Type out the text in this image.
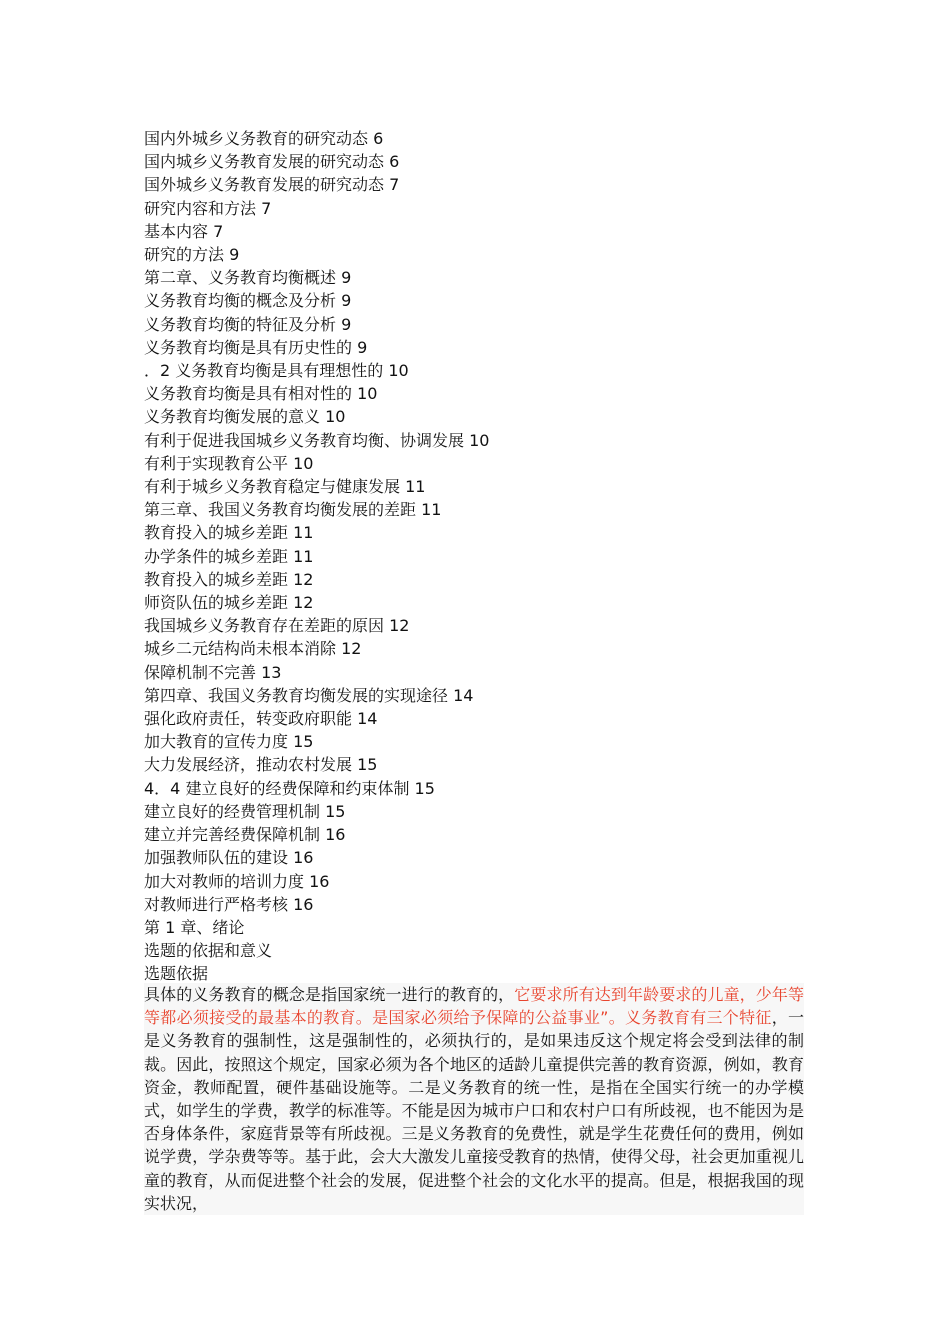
国内外城乡义务教育的研究动态 6
国内城乡义务教育发展的研究动态 6
国外城乡义务教育发展的研究动态 7
研究内容和方法 7
基本内容 7
研究的方法 9
第二章、义务教育均衡概述 9
义务教育均衡的概念及分析 9
义务教育均衡的特征及分析 9
义务教育均衡是具有历史性的 9
．2 义务教育均衡是具有理想性的 10
义务教育均衡是具有相对性的 10
义务教育均衡发展的意义 10
有利于促进我国城乡义务教育均衡、协调发展 10
有利于实现教育公平 10
有利于城乡义务教育稳定与健康发展 11
第三章、我国义务教育均衡发展的差距 11
教育投入的城乡差距 11
办学条件的城乡差距 11
教育投入的城乡差距 12
师资队伍的城乡差距 12
我国城乡义务教育存在差距的原因 12
城乡二元结构尚未根本消除 12
保障机制不完善 13
第四章、我国义务教育均衡发展的实现途径 14
强化政府责任，转变政府职能 14
加大教育的宣传力度 15
大力发展经济，推动农村发展 15
4．4 建立良好的经费保障和约束体制 15
建立良好的经费管理机制 15
建立并完善经费保障机制 16
加强教师队伍的建设 16
加大对教师的培训力度 16
对教师进行严格考核 16
第 1 章、绪论
选题的依据和意义
选题依据

具体的义务教育的概念是指国家统一进行的教育的，它要求所有达到年龄要求的儿童，少年等等都必须接受的最基本的教育。是国家必须给予保障的公益事业”。义务教育有三个特征，一是义务教育的强制性，这是强制性的，必须执行的，是如果违反这个规定将会受到法律的制裁。因此，按照这个规定，国家必须为各个地区的适龄儿童提供完善的教育资源，例如，教育资金，教师配置，硬件基础设施等。二是义务教育的统一性，是指在全国实行统一的办学模式，如学生的学费，教学的标准等。不能是因为城市户口和农村户口有所歧视，也不能因为是否身体条件，家庭背景等有所歧视。三是义务教育的免费性，就是学生花费任何的费用，例如说学费，学杂费等等。基于此，会大大激发儿童接受教育的热情，使得父母，社会更加重视儿童的教育，从而促进整个社会的发展，促进整个社会的文化水平的提高。但是，根据我国的现实状况，
